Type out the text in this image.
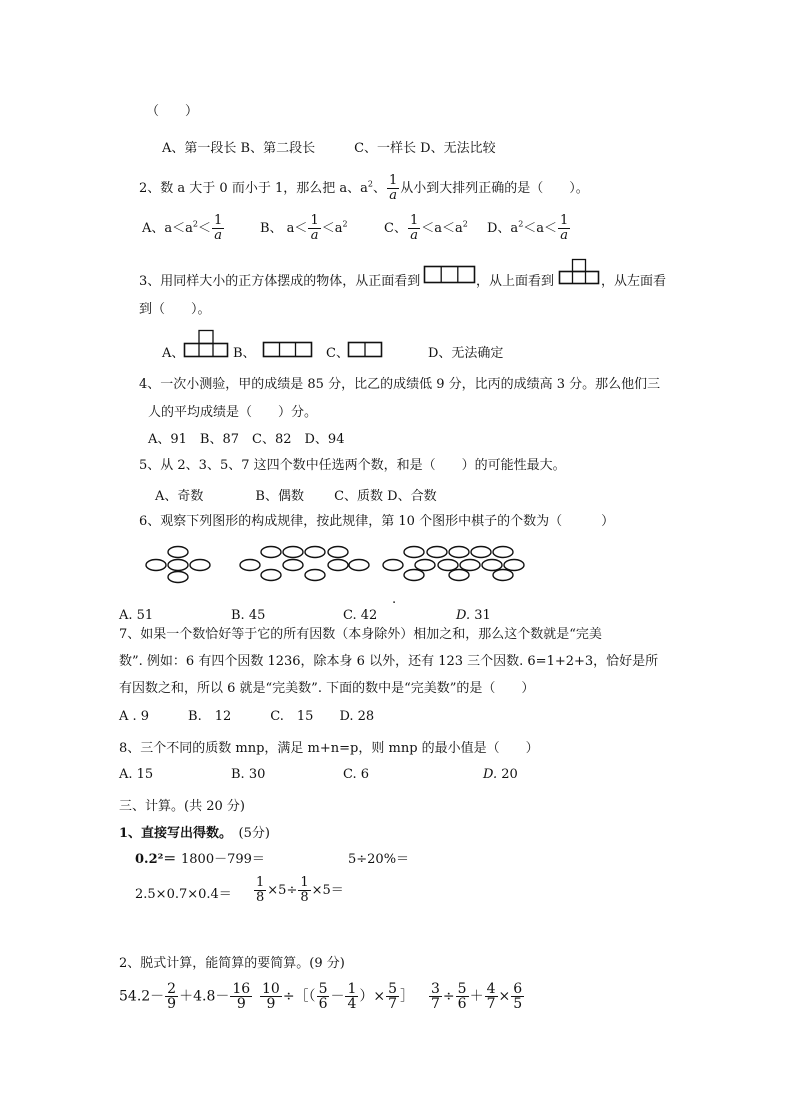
（　　）
A、第一段长 B、第二段长　　　C、一样长 D、无法比较
2、数 a 大于 0 而小于 1，那么把 a、$a^2$、 $\frac{1}{a}$ 从小到大排列正确的是（　　）。
A、$a<a^2< \frac{1}{a}$	B、 $a< \frac{1}{a} <a^2$	C、 $\frac{1}{a} <a<a^2$ D、$a^2<a< \frac{1}{a}$
3、用同样大小的正方体摆成的物体，从正面看到	，从上面看到	，从左面看
到（　　）。
A、	B、	C、	D、无法确定
4、一次小测验，甲的成绩是 85 分，比乙的成绩低 9 分，比丙的成绩高 3 分。那么他们三
人的平均成绩是（　　）分。
A、91　B、87　C、82　D、94
5、从 2、3、5、7 这四个数中任选两个数，和是（　　）的可能性最大。
A、奇数　　　　B、偶数　　 C、质数 D、合数
6、观察下列图形的构成规律，按此规律，第 10 个图形中棋子的个数为（　　　）
.
A. 51	B. 45	C. 42	D. 31
7、如果一个数恰好等于它的所有因数（本身除外）相加之和，那么这个数就是“完美
数”. 例如：6 有四个因数 1236，除本身 6 以外，还有 123 三个因数. 6=1+2+3，恰好是所
有因数之和，所以 6 就是“完美数”. 下面的数中是“完美数”的是（　　）
A . 9　　　B.　12　　　C.　15　　D. 28
8、三个不同的质数 mnp，满足 m+n=p，则 mnp 的最小值是（　　）
A. 15	B. 30	C. 6	D. 20
三、计算。(共 20 分)
1、直接写出得数。　(5分)
0.2²＝ 1800－799＝	5÷20%＝
$2.5\times 0.7\times 0.4= \frac{1}{8} \times 5\div \frac{1}{8} \times 5=$
2、脱式计算，能简算的要简算。(9 分)
$54.2- \frac{2}{9} +4.8- \frac{16}{9} \frac{10}{9}$ ÷［（ $\frac{5}{6} - \frac{1}{4}$ ）× $\frac{5}{7}$ ］ $\frac{3}{7} \div \frac{5}{6} + \frac{4}{7} \times \frac{6}{5}$
